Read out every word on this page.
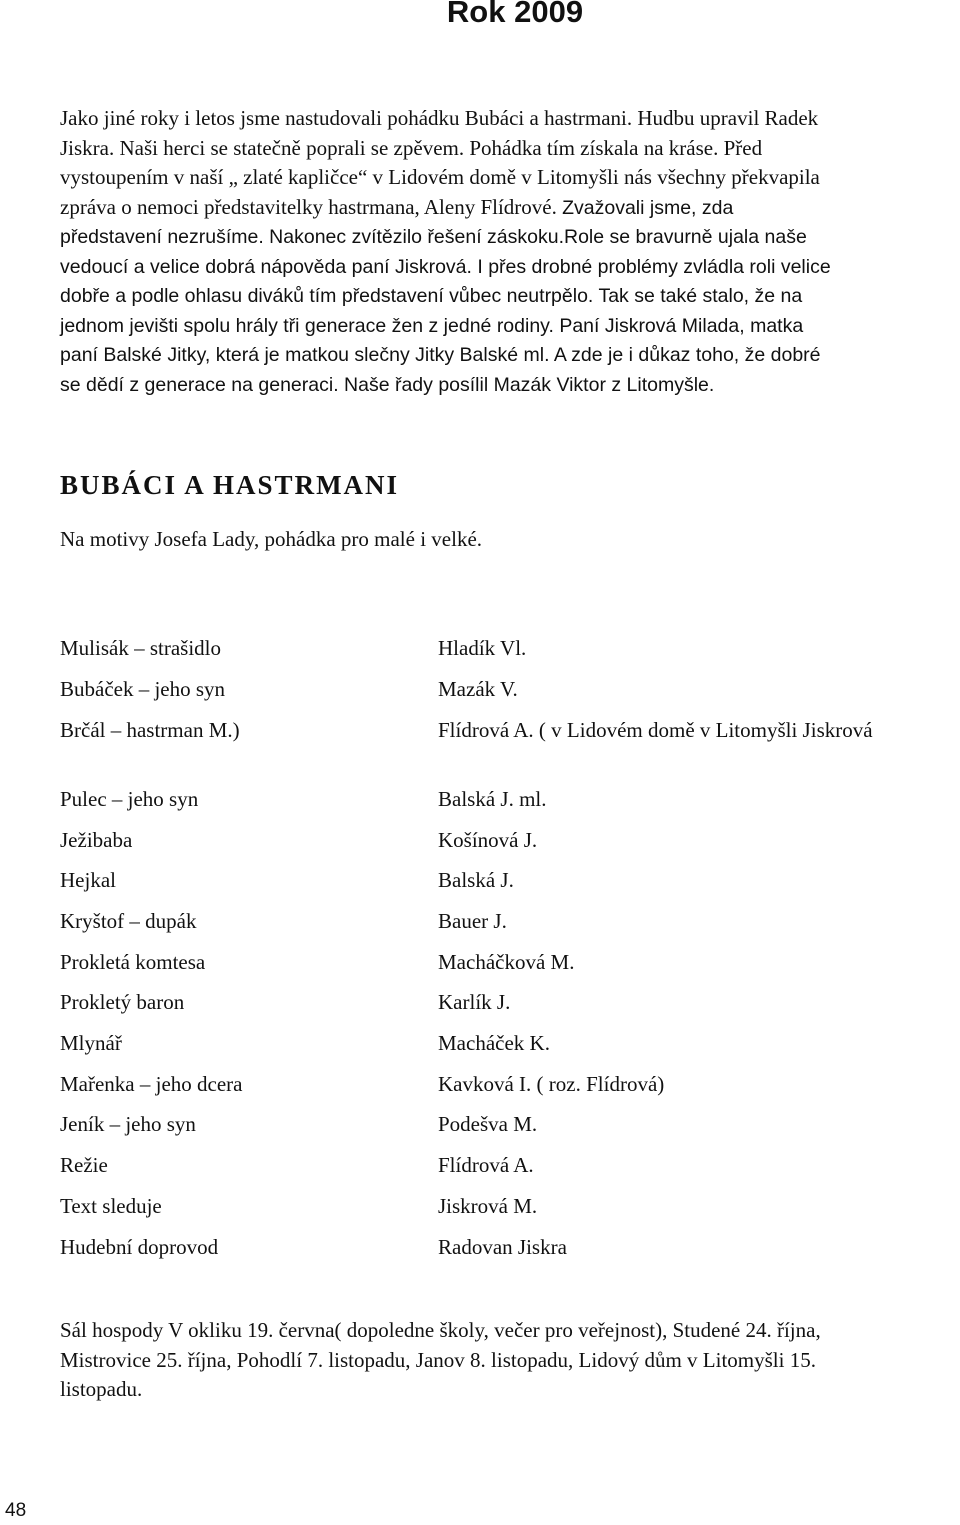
Rok 2009
Jako jiné roky i letos jsme nastudovali pohádku Bubáci a hastrmani. Hudbu upravil Radek
Jiskra. Naši herci se statečně poprali se zpěvem. Pohádka tím získala na kráse. Před
vystoupením v naší „ zlaté kapličce“ v Lidovém domě v Litomyšli nás všechny překvapila
zpráva o nemoci představitelky hastrmana, Aleny Flídrové. Zvažovali jsme, zda
představení nezrušíme. Nakonec zvítězilo řešení záskoku.Role se bravurně ujala naše
vedoucí a velice dobrá nápověda paní Jiskrová. I přes drobné problémy zvládla roli velice
dobře a podle ohlasu diváků tím představení vůbec neutrpělo. Tak se také stalo, že na
jednom jevišti spolu hrály tři generace žen z jedné rodiny. Paní Jiskrová Milada, matka
paní Balské Jitky, která je matkou slečny Jitky Balské ml. A zde je i důkaz toho, že dobré
se dědí z generace na generaci. Naše řady posílil Mazák Viktor z Litomyšle.
BUBÁCI A HASTRMANI
Na motivy Josefa Lady, pohádka pro malé i velké.
Mulisák – strašidlo	Hladík Vl.
Bubáček – jeho syn	Mazák V.
Brčál – hastrman M.)	Flídrová A. ( v Lidovém domě v Litomyšli Jiskrová
Pulec – jeho syn	Balská J. ml.
Ježibaba	Košínová J.
Hejkal	Balská J.
Kryštof – dupák	Bauer J.
Prokletá komtesa	Macháčková M.
Prokletý baron	Karlík J.
Mlynář	Macháček K.
Mařenka – jeho dcera	Kavková I. ( roz. Flídrová)
Jeník – jeho syn	Podešva M.
Režie	Flídrová A.
Text sleduje	Jiskrová M.
Hudební doprovod	Radovan Jiskra
Sál hospody V okliku 19. června( dopoledne školy, večer pro veřejnost), Studené 24. října,
Mistrovice 25. října, Pohodlí 7. listopadu, Janov 8. listopadu, Lidový dům v Litomyšli 15.
listopadu.
48
